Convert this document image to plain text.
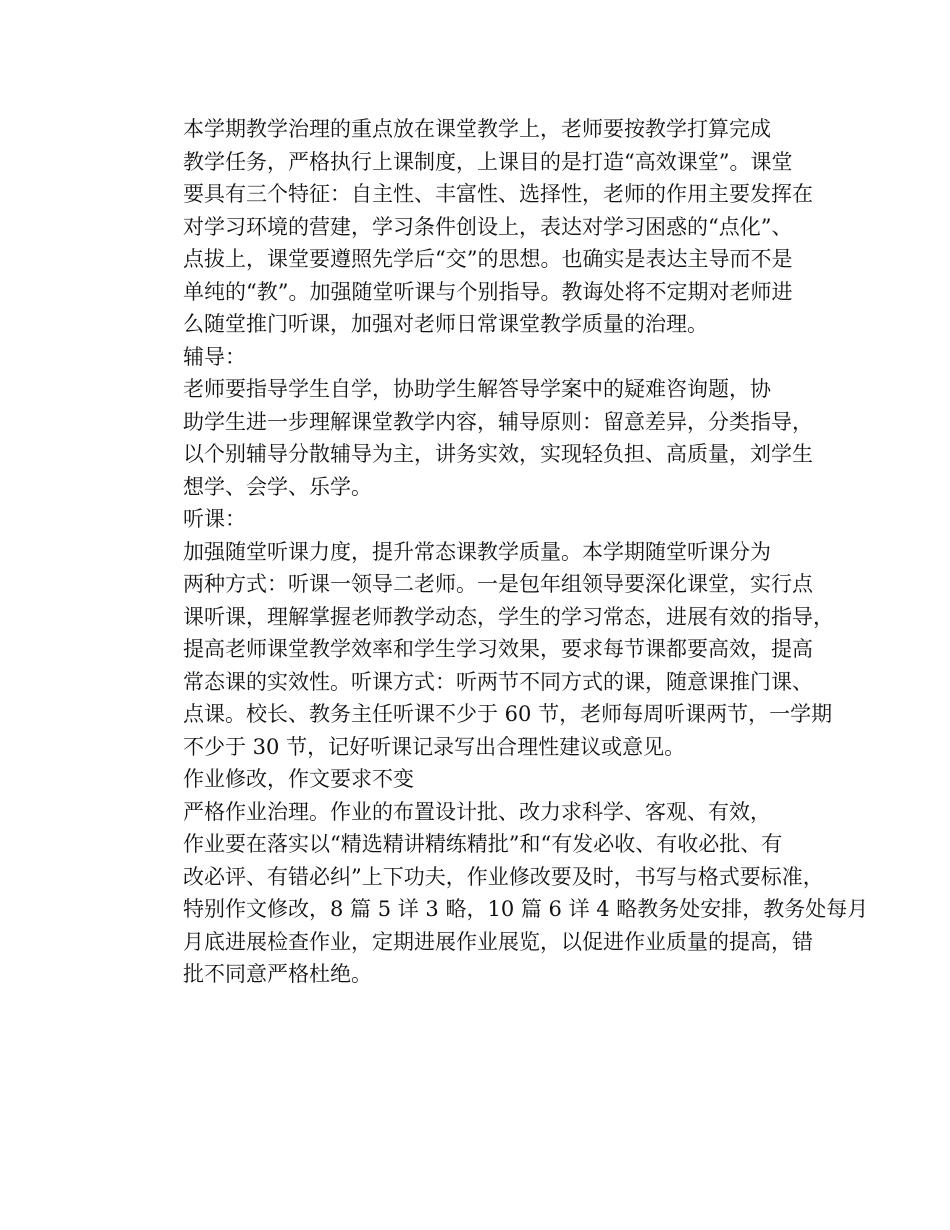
本学期教学治理的重点放在课堂教学上，老师要按教学打算完成
教学任务，严格执行上课制度，上课目的是打造“高效课堂”。课堂
要具有三个特征：自主性、丰富性、选择性，老师的作用主要发挥在
对学习环境的营建，学习条件创设上，表达对学习困惑的“点化”、
点拔上，课堂要遵照先学后“交”的思想。也确实是表达主导而不是
单纯的“教”。加强随堂听课与个别指导。教诲处将不定期对老师进
么随堂推门听课，加强对老师日常课堂教学质量的治理。

辅导：

老师要指导学生自学，协助学生解答导学案中的疑难咨询题，协
助学生进一步理解课堂教学内容，辅导原则：留意差异，分类指导，
以个别辅导分散辅导为主，讲务实效，实现轻负担、高质量，刘学生
想学、会学、乐学。

听课：

加强随堂听课力度，提升常态课教学质量。本学期随堂听课分为
两种方式：听课一领导二老师。一是包年组领导要深化课堂，实行点
课听课，理解掌握老师教学动态，学生的学习常态，进展有效的指导，
提高老师课堂教学效率和学生学习效果，要求每节课都要高效，提高
常态课的实效性。听课方式：听两节不同方式的课，随意课推门课、
点课。校长、教务主任听课不少于 60 节，老师每周听课两节，一学期
不少于 30 节，记好听课记录写出合理性建议或意见。

作业修改，作文要求不变

严格作业治理。作业的布置设计批、改力求科学、客观、有效，
作业要在落实以“精选精讲精练精批”和“有发必收、有收必批、有
改必评、有错必纠”上下功夫，作业修改要及时，书写与格式要标准，
特别作文修改，8 篇 5 详 3 略，10 篇 6 详 4 略教务处安排，教务处每月
月底进展检查作业，定期进展作业展览，以促进作业质量的提高，错
批不同意严格杜绝。
